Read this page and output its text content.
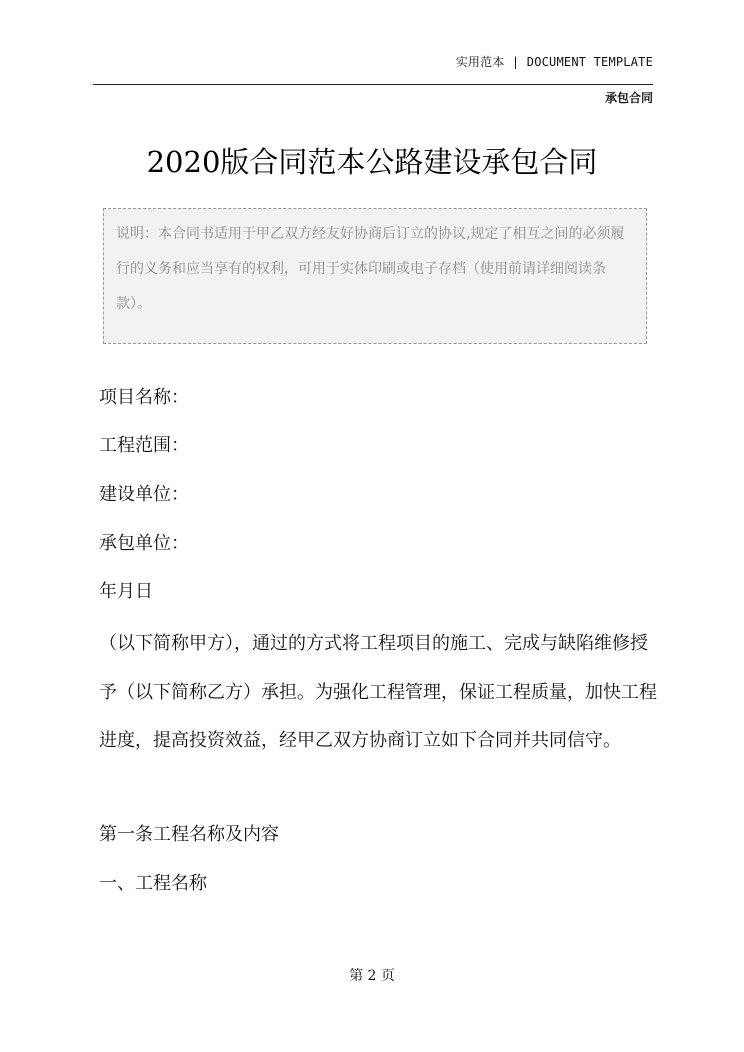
实用范本 | DOCUMENT TEMPLATE
承包合同
2020版合同范本公路建设承包合同
说明：本合同书适用于甲乙双方经友好协商后订立的协议,规定了相互之间的必须履行的义务和应当享有的权利，可用于实体印刷或电子存档（使用前请详细阅读条款）。
项目名称：
工程范围：
建设单位：
承包单位：
年月日
（以下简称甲方），通过的方式将工程项目的施工、完成与缺陷维修授予（以下简称乙方）承担。为强化工程管理，保证工程质量，加快工程进度，提高投资效益，经甲乙双方协商订立如下合同并共同信守。
第一条工程名称及内容
一、工程名称
第 2 页
